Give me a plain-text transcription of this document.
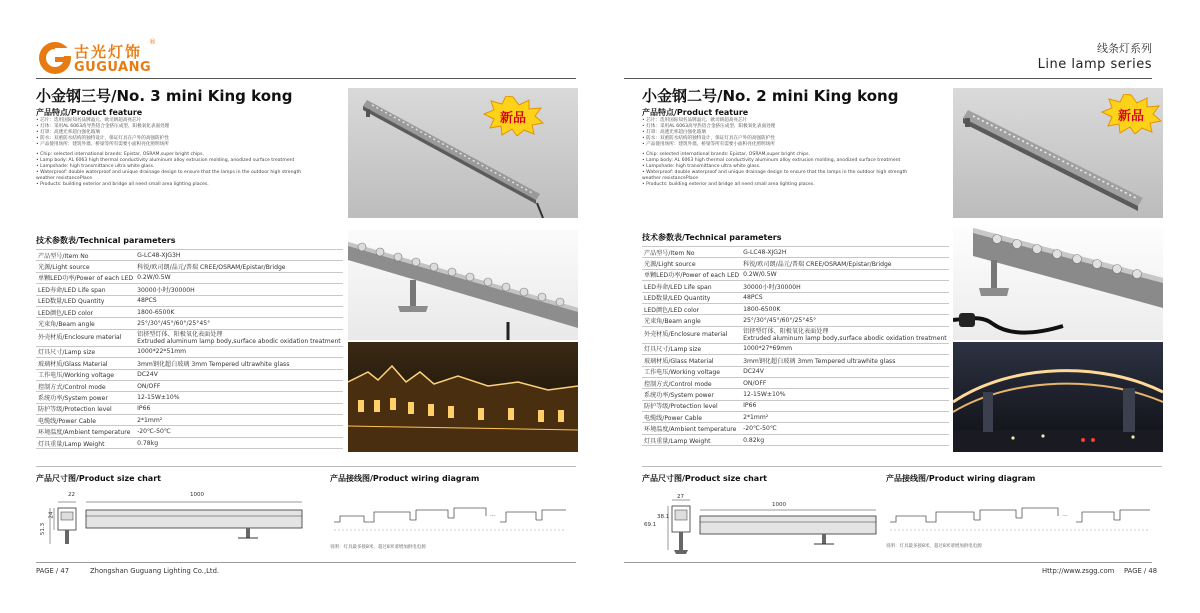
古光灯饰
®
GUGUANG
小金钢三号/No. 3 mini King kong
产品特点/Product feature
• 芯片：选用国际知名品牌晶元、欧司朗超高亮芯片
• 灯体：采用AL 6063高导热铝合金挤压成型、阳极氧化表面处理
• 灯罩：高透光率超白强化玻璃
• 防水：双重防水结构的独特设计，保证灯具在户外的高强防护性
• 产品使用场所：建筑外墙、桥梁等所有需要小面积亮化照明场所
• Chip: selected international brands: Epistar, OSRAM,super bright chips.
• Lamp body: AL 6063 high thermal conductivity aluminum alloy extrusion molding, anodized surface treatment
• Lampshade: high transmittance ultra white glass.
• Waterproof: double waterproof and unique drainage design to ensure that the lamps in the outdoor high strength
weather resistancePlace
• Products: building exterior and bridge all need small area lighting places.
新品
技术参数表/Technical parameters
产品型号/Item No	G-LC48-XJG3H
光源/Light source	科锐/欧司朗/晶元/普瑞 CREE/OSRAM/Epistar/Bridge
单颗LED功率/Power of each LED	0.2W/0.5W
LED寿命/LED Life span	30000小时/30000H
LED数量/LED Quantity	48PCS
LED颜色/LED color	1800-6500K
光束角/Beam angle	25°/30°/45°/60°/25°45°
外壳材质/Enclosure material	铝挤型灯体、阳极氧化表面处理
Extruded aluminum lamp body,surface abodic oxidation treatment

灯具尺寸/Lamp size	1000*22*51mm
玻璃材质/Glass Material	3mm钢化超白玻璃 3mm Tempered ultrawhite glass
工作电压/Working voltage	DC24V
控制方式/Control mode	ON/OFF
系统功率/System power	12-15W±10%
防护等级/Protection level	IP66
电缆线/Power Cable	2*1mm²
环境温度/Ambient temperature	-20℃-50℃
灯具重量/Lamp Weight	0.78kg
产品尺寸图/Product size chart	产品接线图/Product wiring diagram
22	1000
24
51.3
...
说明：灯具最多接8米，超过8米请增加供电电源
PAGE / 47	Zhongshan Guguang Lighting Co.,Ltd.
线条灯系列
Line lamp series
小金钢二号/No. 2 mini King kong
产品特点/Product feature
• 芯片：选用国际知名品牌晶元、欧司朗超高亮芯片
• 灯体：采用AL 6063高导热铝合金挤压成型、阳极氧化表面处理
• 灯罩：高透光率超白强化玻璃
• 防水：双重防水结构的独特设计，保证灯具在户外的高强防护性
• 产品使用场所：建筑外墙、桥梁等所有需要小面积亮化照明场所
• Chip: selected international brands: Epistar, OSRAM,super bright chips.
• Lamp body: AL 6063 high thermal conductivity aluminum alloy extrusion molding, anodized surface treatment
• Lampshade: high transmittance ultra white glass.
• Waterproof: double waterproof and unique drainage design to ensure that the lamps in the outdoor high strength
weather resistancePlace
• Products: building exterior and bridge all need small area lighting places.
新品
技术参数表/Technical parameters
产品型号/Item No	G-LC48-XJG2H
光源/Light source	科锐/欧司朗/晶元/普瑞 CREE/OSRAM/Epistar/Bridge
单颗LED功率/Power of each LED	0.2W/0.5W
LED寿命/LED Life span	30000小时/30000H
LED数量/LED Quantity	48PCS
LED颜色/LED color	1800-6500K
光束角/Beam angle	25°/30°/45°/60°/25°45°
外壳材质/Enclosure material	铝挤型灯体、阳极氧化表面处理
Extruded aluminum lamp body,surface abodic oxidation treatment

灯具尺寸/Lamp size	1000*27*69mm
玻璃材质/Glass Material	3mm钢化超白玻璃 3mm Tempered ultrawhite glass
工作电压/Working voltage	DC24V
控制方式/Control mode	ON/OFF
系统功率/System power	12-15W±10%
防护等级/Protection level	IP66
电缆线/Power Cable	2*1mm²
环境温度/Ambient temperature	-20℃-50℃
灯具重量/Lamp Weight	0.82kg
产品尺寸图/Product size chart	产品接线图/Product wiring diagram
27
1000
38.1
69.1
...
说明：灯具最多接8米，超过8米请增加供电电源
Http://www.zsgg.com PAGE / 48
